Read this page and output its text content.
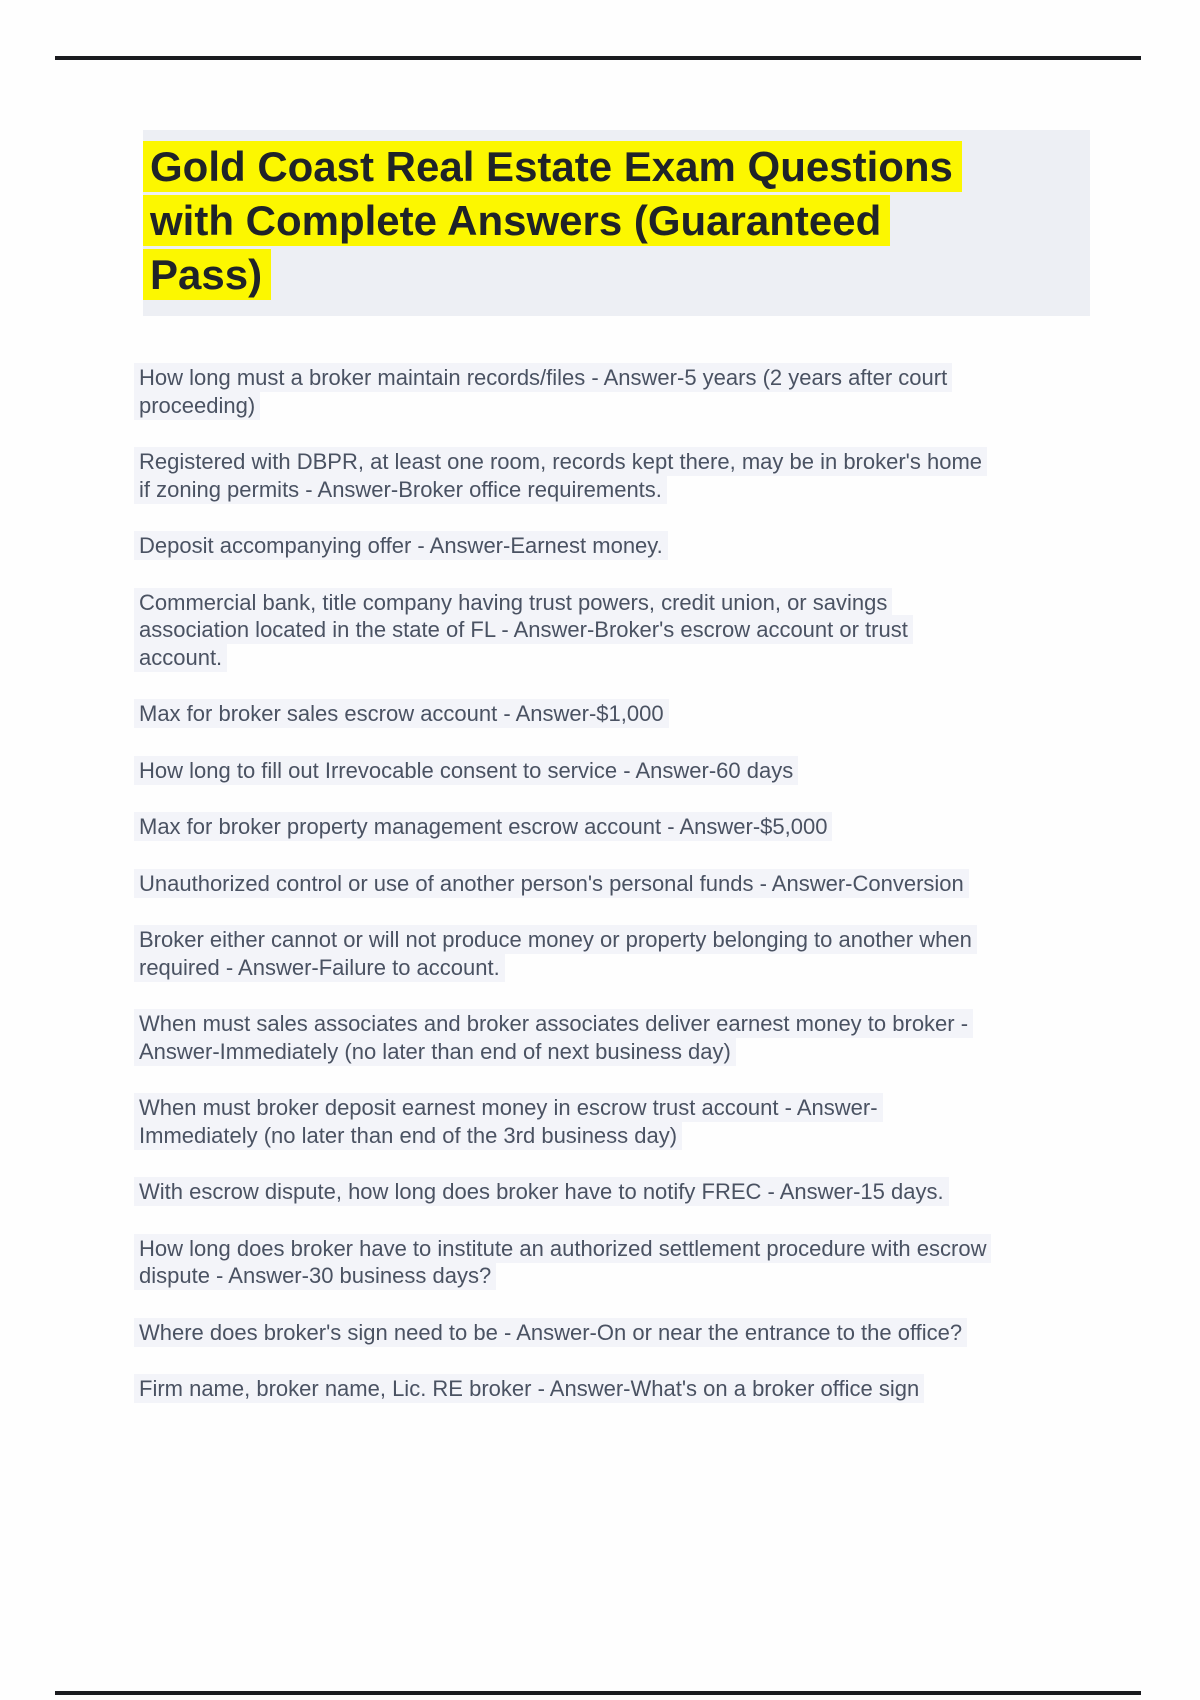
Gold Coast Real Estate Exam Questions
with Complete Answers (Guaranteed
Pass)

How long must a broker maintain records/files - Answer-5 years (2 years after court
proceeding)

Registered with DBPR, at least one room, records kept there, may be in broker's home
if zoning permits - Answer-Broker office requirements.

Deposit accompanying offer - Answer-Earnest money.

Commercial bank, title company having trust powers, credit union, or savings
association located in the state of FL - Answer-Broker's escrow account or trust
account.

Max for broker sales escrow account - Answer-$1,000

How long to fill out Irrevocable consent to service - Answer-60 days

Max for broker property management escrow account - Answer-$5,000

Unauthorized control or use of another person's personal funds - Answer-Conversion

Broker either cannot or will not produce money or property belonging to another when
required - Answer-Failure to account.

When must sales associates and broker associates deliver earnest money to broker -
Answer-Immediately (no later than end of next business day)

When must broker deposit earnest money in escrow trust account - Answer-
Immediately (no later than end of the 3rd business day)

With escrow dispute, how long does broker have to notify FREC - Answer-15 days.

How long does broker have to institute an authorized settlement procedure with escrow
dispute - Answer-30 business days?

Where does broker's sign need to be - Answer-On or near the entrance to the office?

Firm name, broker name, Lic. RE broker - Answer-What's on a broker office sign
